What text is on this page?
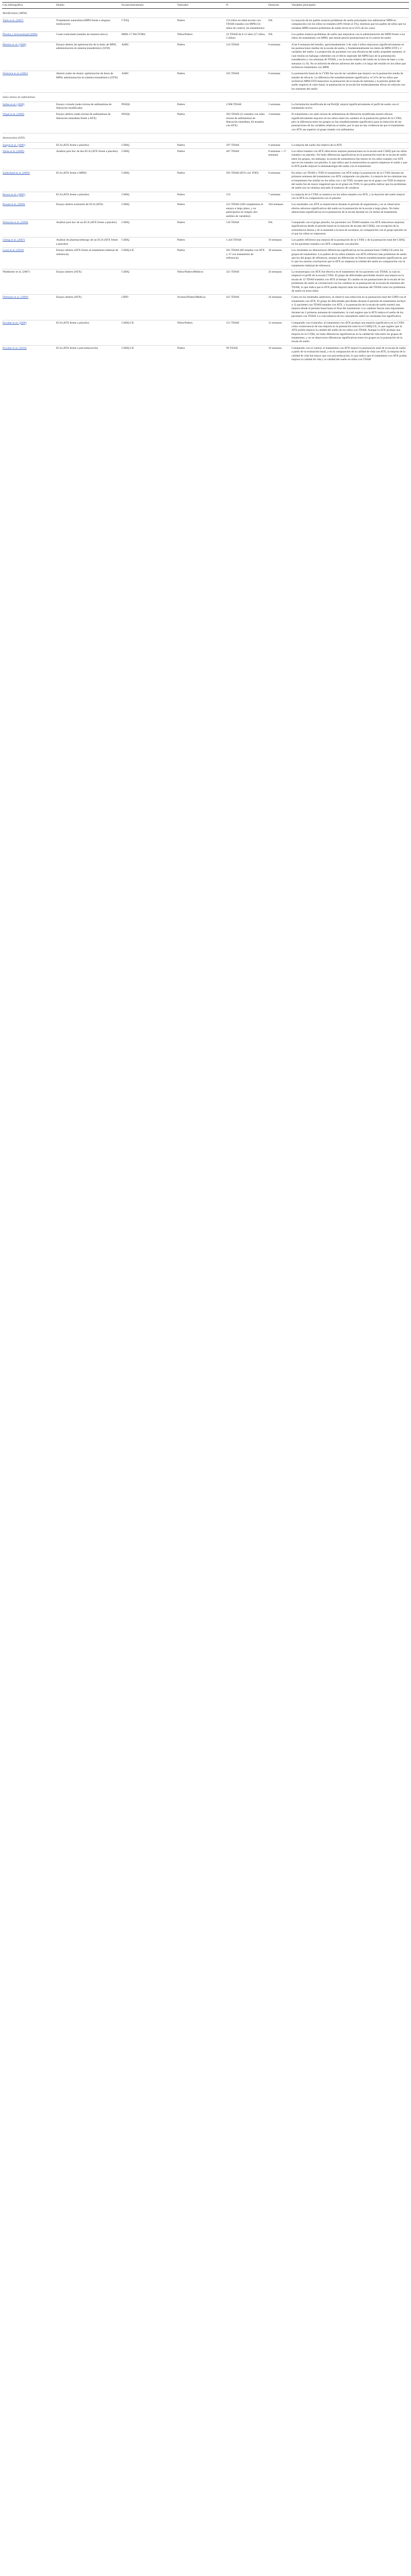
Cita bibliográfica	Diseño	Escala/instrumento	Valorador	N	Duración	Variables principales
Metilfenidato (MPH)						
Yatin et al. (2007)	Tratamiento naturalista (MPH frente a ninguna medicación)	CTSQ	Padres	114 niños en edad escolar con TDAH tratados con MPH (54 niños de control, sin tratamiento)	NA	La mayoría de los padres notaron problemas de sueño principales tras administrar MPH en comparación con los niños no tratados (40% frente al 3%), mientras que los padres de niños que no tomaban MPH notaron problemas de sueño leves en el 25% de los casos
Pliszka y Schwarzkopf (2006)	Cuasi-controlado (tamaño de muestra único)	MMS 17 FACTORS	Niños/Padres	22 TDAH de 6-12 años (17 niños, 5 niñas)	NA	Los padres notaron problemas de sueño que mejoraron con la administración del MPH frente a los niños sin tratamiento con MPH, que tenían peores puntuaciones en el control de sueño
Martins et al. (2008)	Ensayo abierto de optimización de la dosis de MPH, administración en sistema transdérmico (STD)	ASRC	Padres	124 TDAH	8 semanas	A las 8 semanas del estudio, aproximadamente 3 de cada 4 niños mejoraron significativamente en las puntuaciones medias de la escala de sueño, y fundamentalmente los ítems de MPH-STD y 2 variables del sueño. La proporción de pacientes con una eficiencia del sueño aceptable aumentó, lo cual resulta un hallazgo coherente con el efecto esperado del MPH (uso de la presentación transdérmica y los síntomas de TDAH, y en la escala relativa del sueño en la línea de base y a las semanas 4 y 8). No se informó de efectos adversos del sueño a lo largo del estudio en los niños que recibieron tratamiento con MPH
Wolraich et al. (2005)	Abierto (salto de dosis): optimización de dosis de MPH, administración en sistema transdérmico (STD)	ASRC	Padres	165 TDAH	8 semanas	La puntuación basal de la CYRS fue una de las variables que mejoró con la puntuación media de estudio de eficacia. La diferencia fue estadísticamente significativa: el 31% de los niños que recibieron MPH-STD mejoraron la puntuación de la escala de síntomas y la presión global del sueño respecto al valor basal; la puntuación en la escala fue moderadamente eficaz en relación con los síntomas del sueño
Sales mixtas de anfetaminas						
Sallee et al. (2009)	Ensayo cruzado (sales mixtas de anfetaminas de liberación modificada)	PSSQL	Padres	2.968 TDAH	5 semanas	La formulación modificada de sal PeriQL mejoró significativamente el perfil de sueño con el tratamiento activo
Wigal et al. (2009)	Ensayo abierto (sales mixtas de anfetaminas de liberación inmediata frente a ATX)	PSSQL	Padres	203 TDAH (11 tratados con sales mixtas de anfetaminas de liberación inmediata, 84 tratados con ATX)	3 semanas	El tratamiento con sales mixtas de anfetaminas de liberación modificada mostró efectos significativamente mayores en los niños sobre los cambios en la puntuación global de la CYRS, pero la diferencia entre los grupos no fue estadísticamente significativa para la reducción de las puntuaciones de las variables relativas al sueño, por lo que no hay evidencia de que el tratamiento con ATX sea superior al grupo tratado con anfetamina
Atomoxetina (ATX)						
Sangal et al. (2006)	ECA (ATX frente a placebo)	CSHQ	Padres	297 TDAH	6 semanas	La mejoría del sueño fue relativa de la ATX
Weiss et al. (2006)	Análisis post hoc de dos ECA (ATX frente a placebo)	CSHQ	Padres	467 TDAH	8 semanas + 17 semanas	Los niños tratados con ATX obtuvieron mejores puntuaciones en la escala total CSHQ que los niños tratados con placebo. No hubo diferencias significativas en la puntuación total de la escala de sueño entre los grupos, sin embargo, la escala de somnolencia fue menor en los niños tratados con ATX que en los tratados con placebo, lo que indica que la atomoxetina no parece empeorar el sueño y que la ATX puede mejorar la sintomatología del sueño con el tratamiento
Sutherland et al. (2009)	ECA (ATX frente a MPH)	CSHQ	Padres	205 TDAH (95% con TOD)	8 semanas	En niños con TDAH y TOD el tratamiento con ATX redujo la puntuación de la CYRS durante las primeras semanas del tratamiento con ATX comparado con placebo. La mejoría de los síntomas tras el tratamiento fue similar en los niños con y sin TOD, excepto que en el grupo con TOD la mejoría del sueño fue de mayor magnitud que en el grupo sin TOD, lo que podría indicar que los problemas de sueño son un síntoma asociado al trastorno de conducta
Brown et al. (2006)	ECA (ATX frente a placebo)	CSHQ	Padres	153	7 semanas	La mejoría de la CYRS se mantuvo en los niños tratados con ATX, y la duración del sueño mejoró con la ATX en comparación con el placebo
Prasad et al. (2009)	Ensayo abierto extensión de ECA (ATX)	CSHQ	Padres	412 TDAH (100 completaron el ensayo a largo plazo, y no participaron en ningún otro análisis de variables)	104 semanas	Los resultados con ATX se mantuvieron durante el período de seguimiento y no se observaron efectos adversos significativos del sueño en la puntuación de la escala a largo plazo. No hubo alteraciones significativas en la puntuación de la escala durante los 24 meses de tratamiento
Wietecha et al. (2009)	Análisis post hoc de un ECA (ATX frente a placebo)	CSHQ	Padres	510 TDAH	NA	Comparado con el grupo placebo, los pacientes con TDAH tratados con ATX obtuvieron mejorías significativas desde el período basal en la mayoría de escalas del CSHQ, con excepción de la somnolencia diurna y de la ansiedad a la hora de acostarse, en comparación con el grupo placebo en el que los niños no mejoraron
Cheng et al. (2007)	Análisis de pharmacotherapy de un ECA (ATX frente a placebo)	CSHQ	Padres	1.424 TDAH	10 semanas	Los padres refirieron una mejoría de la puntuación de la CYRS y de la puntuación total del CSHQ en los pacientes tratados con ATX comparado con placebo
Lizza et al. (2010)	Ensayo abierto (ATX frente al tratamiento habitual de referencia)	CSHQ-CE	Padres	201 TDAH (60 tratados con ATX y 37 con tratamiento de referencia)	30 semanas	Los resultados no demostraron diferencias significativas en las puntuaciones CSHQ-CE entre los grupos de tratamiento. Los padres de los niños tratados con ATX refirieron más problemas de sueño que los del grupo de referencia, aunque las diferencias no fueron estadísticamente significativas, por lo que los autores concluyeron que la ATX no empeora la calidad del sueño en comparación con el tratamiento habitual de referencia
Waldmeier et al. (2007)	Ensayo abierto (ATX)	CSHQ	Niños/Padres/Médicos	321 TDAH	24 semanas	La monoterapia con ATX fue efectiva en el tratamiento de los pacientes con TDAH, la cual no empeoró el perfil de la escala CYRS. El grupo de dificultades percibidas mostró una mejora en la escala de 12 TDAH tratados con ATX al tiempo. El cambio en las puntuaciones de la escala de los problemas de sueño se correlacionó con los cambios en la puntuación de la escala de síntomas del TDAH, lo que indica que la ATX puede mejorar tanto los síntomas del TDAH como los problemas de sueño en estos niños
Dittmann et al. (2009)	Ensayo abierto (ATX)	GIPD	Jóvenes/Padres/Médicos	421 TDAH	24 semanas	Como en los resultados anteriores, se observó una reducción en la puntuación total del GIPD con el tratamiento con ATX. El grupo de dificultades percibidas durante el período de tratamiento incluyó a 12 pacientes con TDAH tratados con ATX, y la puntuación de la escala de sueño mostró una mejoría desde el período basal hasta el final del tratamiento. Los cambios fueron más importantes durante las 2 primeras semanas de tratamiento, lo cual sugiere que la ATX mejora el sueño de los pacientes con TDAH. La concordancia de los valoradores sobre los resultados fue significativa
Escobar et al. (2009)	ECA (ATX frente a placebo)	CSHQ-CE	Niños/Padres	151 TDAH	12 semanas	Comparado con el placebo, el tratamiento con ATX produjo una mejoría significativa en la CYRS como consecuencia de una mejoría en la puntuación total en el CSHQ-CE, lo que sugiere que la ATX podría mejorar la calidad del sueño de los niños con TDAH. Aunque la ATX produjo una mejoría en la CYRS, no hubo diferencias significativas en la calidad de vida entre los grupos de tratamiento, y no se observaron diferencias significativas entre los grupos en la puntuación de la escala de sueño
Escobar et al. (2010)	ECA (ATX frente a psicoeducación)	CSHQ-CE	Padres	99 TDAH	10 semanas	Comparado con el control, el tratamiento con ATX mejoró la puntuación total de la escala de sueño a partir de la evaluación basal, y en la comparación de la calidad de vida con ATX, la mejoría de la calidad de vida fue mayor que con psicoeducación, lo que indica que el tratamiento con ATX podría mejorar la calidad de vida y la calidad del sueño en niños con TDAH
